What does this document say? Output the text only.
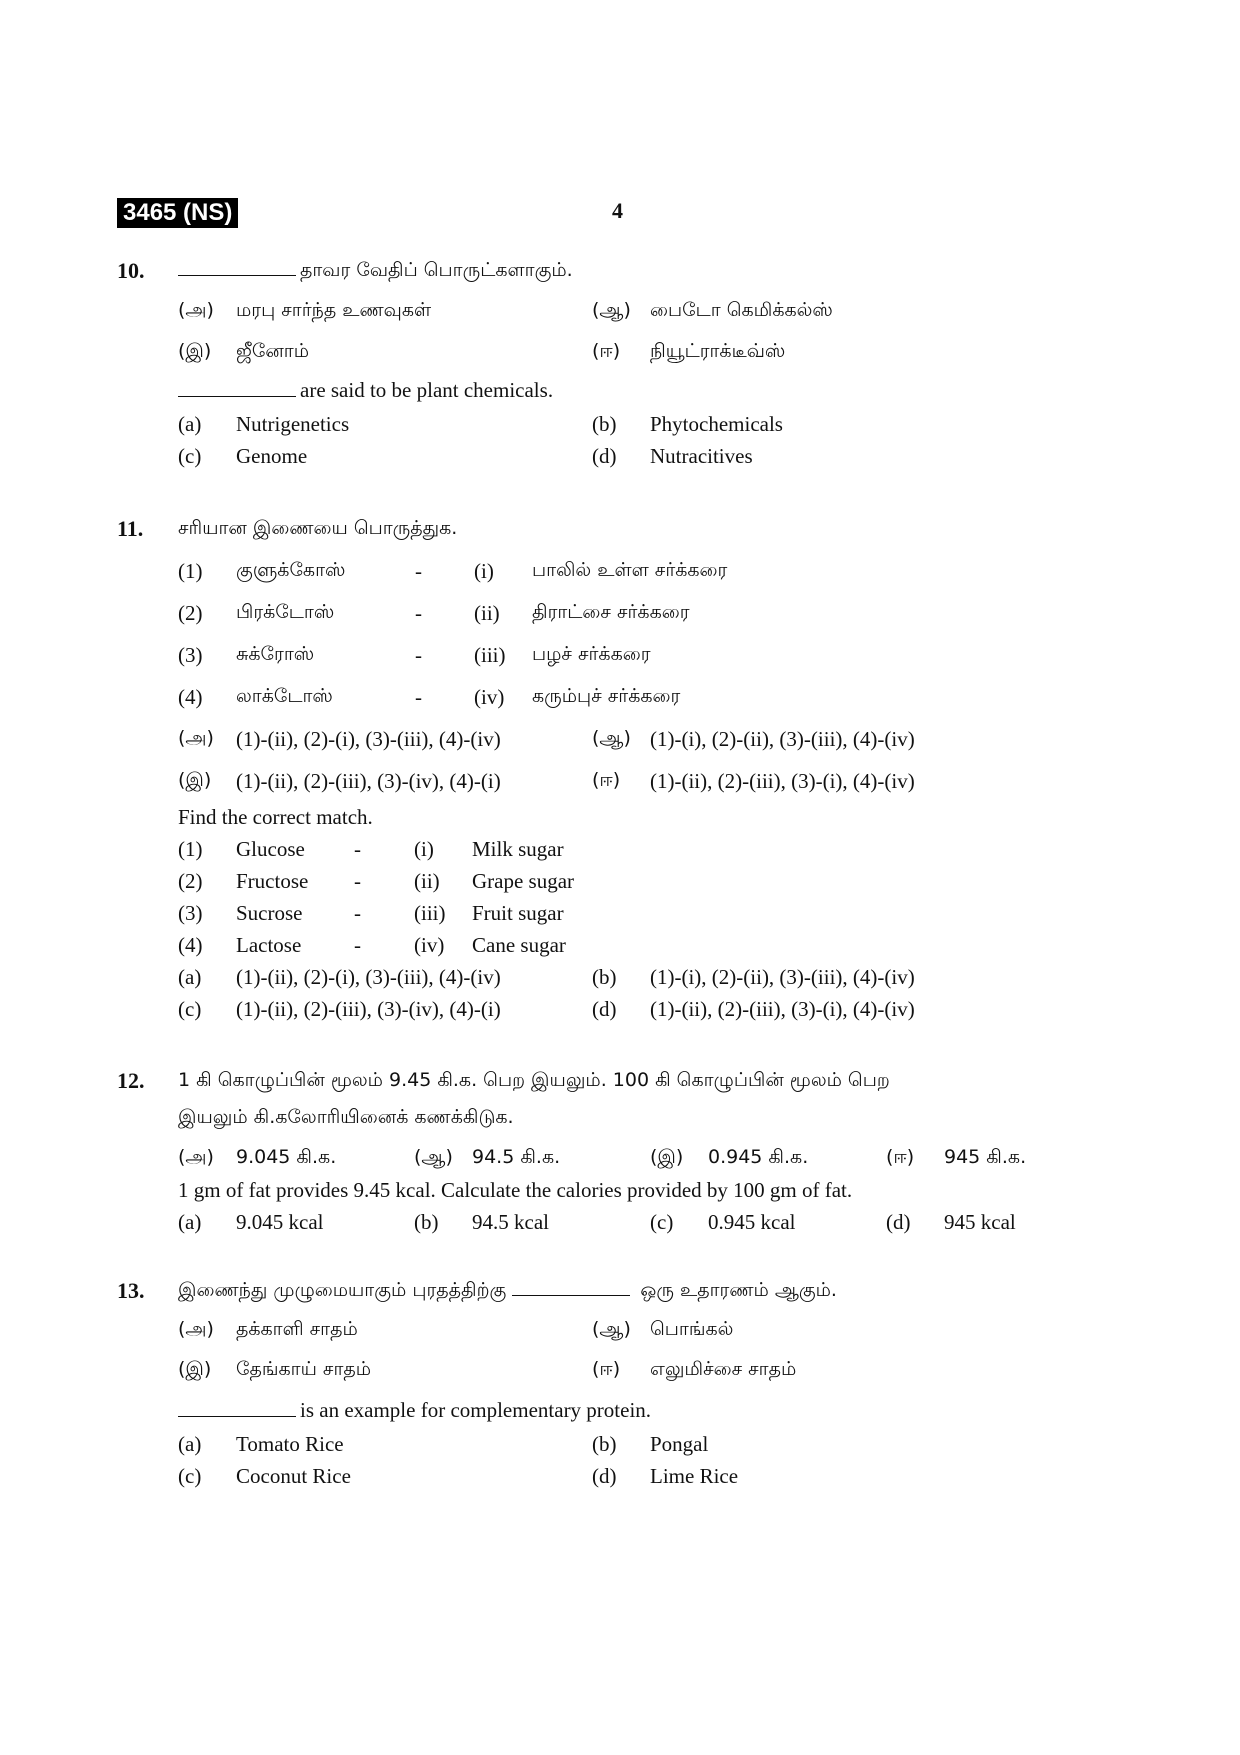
3465 (NS)	4
10.	தாவர வேதிப் பொருட்களாகும்.
(அ) மரபு சார்ந்த உணவுகள்	(ஆ) பைடோ கெமிக்கல்ஸ்
(இ) ஜீனோம்	(ஈ) நியூட்ராக்டீவ்ஸ்
are said to be plant chemicals.
(a) Nutrigenetics	(b) Phytochemicals
(c) Genome	(d) Nutracitives
11. சரியான இணையை பொருத்துக.
(1) குளுக்கோஸ்	- (i) பாலில் உள்ள சர்க்கரை
(2) பிரக்டோஸ்	- (ii) திராட்சை சர்க்கரை
(3) சுக்ரோஸ்	- (iii) பழச் சர்க்கரை
(4) லாக்டோஸ்	- (iv) கரும்புச் சர்க்கரை
(அ) (1)-(ii), (2)-(i), (3)-(iii), (4)-(iv)	(ஆ) (1)-(i), (2)-(ii), (3)-(iii), (4)-(iv)
(இ) (1)-(ii), (2)-(iii), (3)-(iv), (4)-(i)	(ஈ) (1)-(ii), (2)-(iii), (3)-(i), (4)-(iv)
Find the correct match.
(1) Glucose -	(i) Milk sugar
(2) Fructose -	(ii) Grape sugar
(3) Sucrose -	(iii) Fruit sugar
(4) Lactose	-	(iv) Cane sugar
(a) (1)-(ii), (2)-(i), (3)-(iii), (4)-(iv)	(b) (1)-(i), (2)-(ii), (3)-(iii), (4)-(iv)
(c) (1)-(ii), (2)-(iii), (3)-(iv), (4)-(i)	(d) (1)-(ii), (2)-(iii), (3)-(i), (4)-(iv)
12. 1 கி கொழுப்பின் மூலம் 9.45 கி.க. பெற இயலும். 100 கி கொழுப்பின் மூலம் பெற
இயலும் கி.கலோரியினைக் கணக்கிடுக.
(அ) 9.045 கி.க.	(ஆ) 94.5 கி.க.	(இ) 0.945 கி.க.	(ஈ) 945 கி.க.
1 gm of fat provides 9.45 kcal. Calculate the calories provided by 100 gm of fat.
(a) 9.045 kcal	(b) 94.5 kcal	(c) 0.945 kcal	(d) 945 kcal
13. இணைந்து முழுமையாகும் புரதத்திற்கு	ஒரு உதாரணம் ஆகும்.
(அ) தக்காளி சாதம்	(ஆ) பொங்கல்
(இ) தேங்காய் சாதம்	(ஈ) எலுமிச்சை சாதம்
is an example for complementary protein.
(a) Tomato Rice	(b) Pongal
(c) Coconut Rice	(d) Lime Rice
